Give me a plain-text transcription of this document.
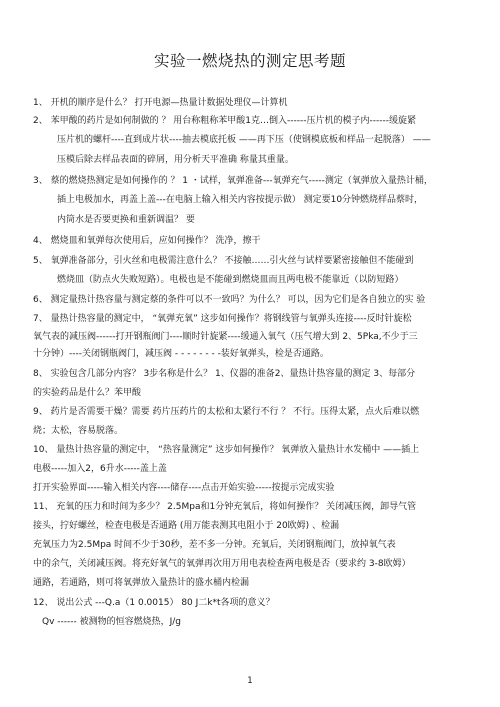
实验一燃烧热的测定思考题
1、 开机的顺序是什么？ 打开电源—热量计数据处理仪—计算机
2、 苯甲酸的药片是如何制做的 ？ 用台称粗称苯甲酸1克…倒入------压片机的模子内------缓旋紧
压片机的螺杆----直到成片状----抽去模底托板 ——再下压（使钢模底板和样品一起脱落） ——
压模后除去样品表面的碎屑，用分析天平准确 称量其重量。
3、 蔡的燃烧热测定是如何操作的 ？ 1 ・试样，氧弹准备---氧弹充气-----测定（氧弹放入量热计桶，
插上电极加水，再盖上盖---在电脑上输入相关内容按提示做） 测定要10分钟燃烧样品蔡时，
内筒水是否要更换和重新调温？ 要
4、 燃烧皿和氧弹每次使用后，应如何操作？ 洗净，擦干
5、 氧弹准备部分，引火丝和电极需注意什么？ 不接触……引火丝与试样要紧密接触但不能碰到
燃烧皿（防点火失败短路）。电极也是不能碰到燃烧皿而且两电极不能靠近（以防短路）
6、 测定量热计热容量与测定蔡的条件可以不一致吗？为什么？ 可以，因为它们是各自独立的实 验
7、 量热计热容量的测定中， “氧弹充氧” 这步如何操作？将钢线管与氧弹头连接----反时针旋松
氧气表的减压阀------打开钢瓶阀门----顺时针旋紧----缓通入氧气（压气增大到 2、5Pka,不少于三
十分钟）----关闭钢瓶阀门，减压阀 - - - - - - - -装好氧弹头，检是否通路。
8、 实验包含几部分内容？ 3步名称是什么？ 1、仪器的准备2、量热计热容量的测定 3、每部分
的实验药品是什么？苯甲酸
9、 药片是否需要干燥？需要 药片压药片的太松和太紧行不行 ？ 不行。压得太紧，点火后难以燃
烧；太松，容易脱落。
10、 量热计热容量的测定中， “热容量测定” 这步如何操作？ 氧弹放入量热计水发桶中 ——插上
电极-----加入2，6升水-----盖上盖
打开实验界面-----输入相关内容----储存----点击开始实验-----按提示完成实验
11、 充氧的压力和时间为多少？ 2.5Mpa和1分钟充氧后，将如何操作？ 关闭减压阀，卸导气管
接头，拧好螺丝，检查电极是否通路 (用万能表测其电阻小于 20欧姆) 、检漏
充氧压力为2.5Mpa 时间不少于30秒，差不多一分钟。充氧后，关闭钢瓶阀门，放掉氧气表
中的余气，关闭减压阀。将充好氧气的氧弹再次用万用电表检查两电极是否（要求约 3-8欧姆）
通路，若通路，则可将氧弹放入量热计的盛水桶内检漏
12、 说出公式 ---Q.a（1 0.0015） 80 J二k*t各项的意义？
Qv ------ 被测物的恒容燃烧热，J/g
1
